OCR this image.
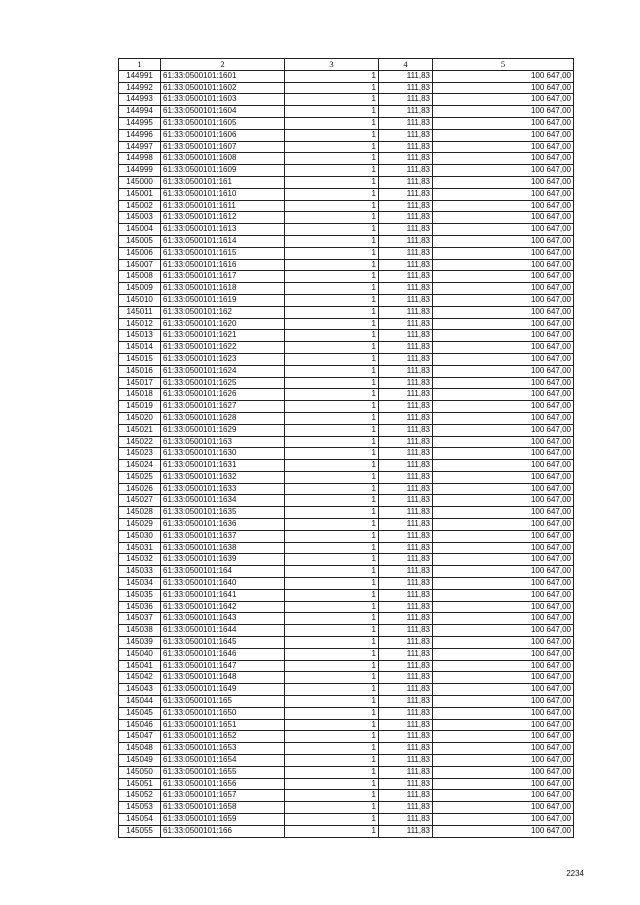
1	2	3	4	5
144991	61:33:0500101:1601	1	111,83	100 647,00
144992	61:33:0500101:1602	1	111,83	100 647,00
144993	61:33:0500101:1603	1	111,83	100 647,00
144994	61:33:0500101:1604	1	111,83	100 647,00
144995	61:33:0500101:1605	1	111,83	100 647,00
144996	61:33:0500101:1606	1	111,83	100 647,00
144997	61:33:0500101:1607	1	111,83	100 647,00
144998	61:33:0500101:1608	1	111,83	100 647,00
144999	61:33:0500101:1609	1	111,83	100 647,00
145000	61:33:0500101:161	1	111,83	100 647,00
145001	61:33:0500101:1610	1	111,83	100 647,00
145002	61:33:0500101:1611	1	111,83	100 647,00
145003	61:33:0500101:1612	1	111,83	100 647,00
145004	61:33:0500101:1613	1	111,83	100 647,00
145005	61:33:0500101:1614	1	111,83	100 647,00
145006	61:33:0500101:1615	1	111,83	100 647,00
145007	61:33:0500101:1616	1	111,83	100 647,00
145008	61:33:0500101:1617	1	111,83	100 647,00
145009	61:33:0500101:1618	1	111,83	100 647,00
145010	61:33:0500101:1619	1	111,83	100 647,00
145011	61:33:0500101:162	1	111,83	100 647,00
145012	61:33:0500101:1620	1	111,83	100 647,00
145013	61:33:0500101:1621	1	111,83	100 647,00
145014	61:33:0500101:1622	1	111,83	100 647,00
145015	61:33:0500101:1623	1	111,83	100 647,00
145016	61:33:0500101:1624	1	111,83	100 647,00
145017	61:33:0500101:1625	1	111,83	100 647,00
145018	61:33:0500101:1626	1	111,83	100 647,00
145019	61:33:0500101:1627	1	111,83	100 647,00
145020	61:33:0500101:1628	1	111,83	100 647,00
145021	61:33:0500101:1629	1	111,83	100 647,00
145022	61:33:0500101:163	1	111,83	100 647,00
145023	61:33:0500101:1630	1	111,83	100 647,00
145024	61:33:0500101:1631	1	111,83	100 647,00
145025	61:33:0500101:1632	1	111,83	100 647,00
145026	61:33:0500101:1633	1	111,83	100 647,00
145027	61:33:0500101:1634	1	111,83	100 647,00
145028	61:33:0500101:1635	1	111,83	100 647,00
145029	61:33:0500101:1636	1	111,83	100 647,00
145030	61:33:0500101:1637	1	111,83	100 647,00
145031	61:33:0500101:1638	1	111,83	100 647,00
145032	61:33:0500101:1639	1	111,83	100 647,00
145033	61:33:0500101:164	1	111,83	100 647,00
145034	61:33:0500101:1640	1	111,83	100 647,00
145035	61:33:0500101:1641	1	111,83	100 647,00
145036	61:33:0500101:1642	1	111,83	100 647,00
145037	61:33:0500101:1643	1	111,83	100 647,00
145038	61:33:0500101:1644	1	111,83	100 647,00
145039	61:33:0500101:1645	1	111,83	100 647,00
145040	61:33:0500101:1646	1	111,83	100 647,00
145041	61:33:0500101:1647	1	111,83	100 647,00
145042	61:33:0500101:1648	1	111,83	100 647,00
145043	61:33:0500101:1649	1	111,83	100 647,00
145044	61:33:0500101:165	1	111,83	100 647,00
145045	61:33:0500101:1650	1	111,83	100 647,00
145046	61:33:0500101:1651	1	111,83	100 647,00
145047	61:33:0500101:1652	1	111,83	100 647,00
145048	61:33:0500101:1653	1	111,83	100 647,00
145049	61:33:0500101:1654	1	111,83	100 647,00
145050	61:33:0500101:1655	1	111,83	100 647,00
145051	61:33:0500101:1656	1	111,83	100 647,00
145052	61:33:0500101:1657	1	111,83	100 647,00
145053	61:33:0500101:1658	1	111,83	100 647,00
145054	61:33:0500101:1659	1	111,83	100 647,00
145055	61:33:0500101:166	1	111,83	100 647,00
2234
